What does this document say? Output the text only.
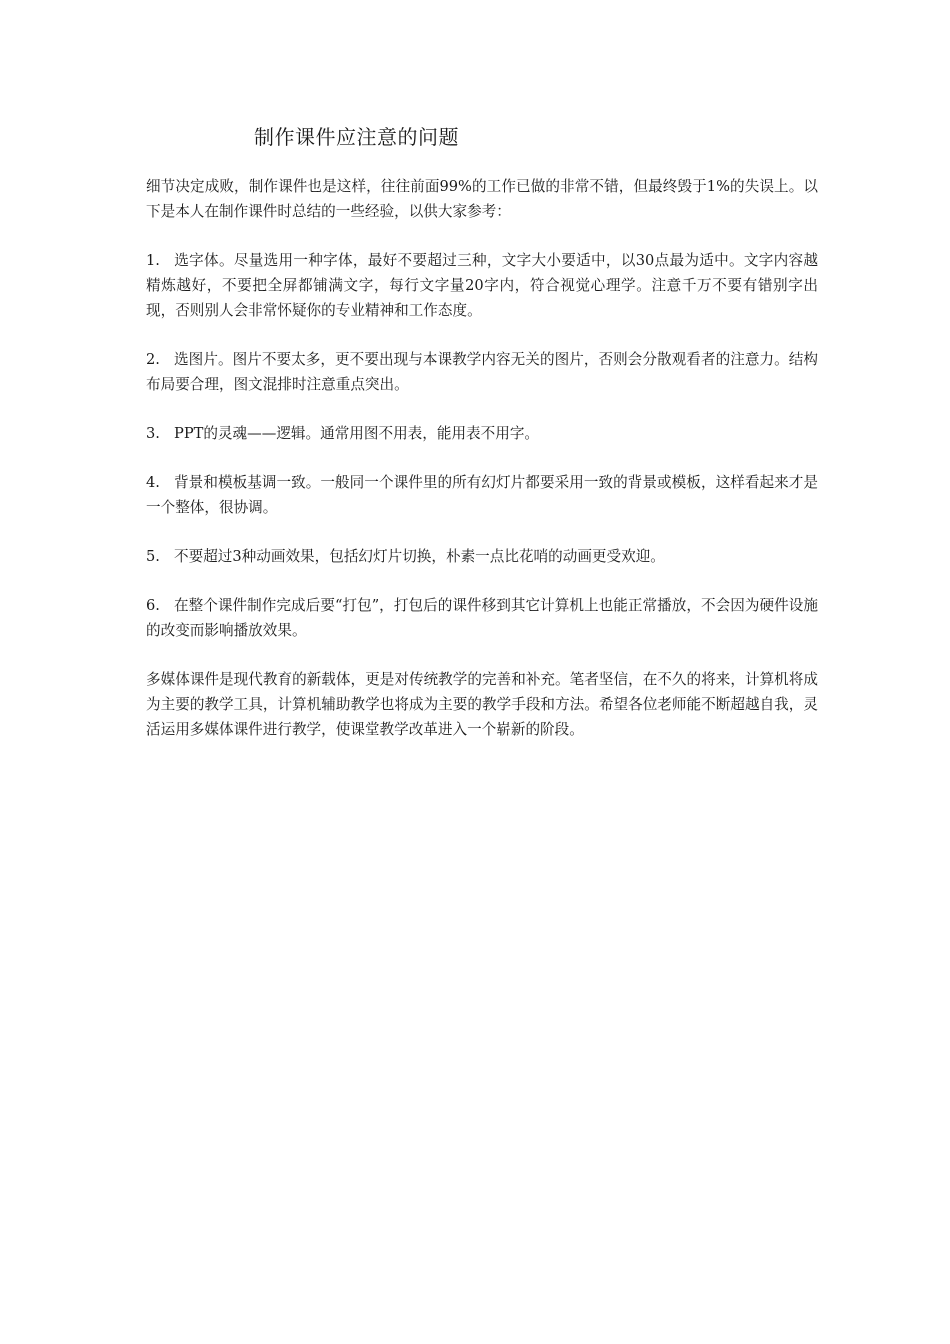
制作课件应注意的问题

细节决定成败，制作课件也是这样，往往前面99%的工作已做的非常不错，但最终毁于1%的失误上。以下是本人在制作课件时总结的一些经验，以供大家参考：

1. 选字体。尽量选用一种字体，最好不要超过三种，文字大小要适中，以30点最为适中。文字内容越精炼越好，不要把全屏都铺满文字，每行文字量20字内，符合视觉心理学。注意千万不要有错别字出现，否则别人会非常怀疑你的专业精神和工作态度。

2. 选图片。图片不要太多，更不要出现与本课教学内容无关的图片，否则会分散观看者的注意力。结构布局要合理，图文混排时注意重点突出。

3. PPT的灵魂——逻辑。通常用图不用表，能用表不用字。

4. 背景和模板基调一致。一般同一个课件里的所有幻灯片都要采用一致的背景或模板，这样看起来才是一个整体，很协调。

5. 不要超过3种动画效果，包括幻灯片切换，朴素一点比花哨的动画更受欢迎。

6. 在整个课件制作完成后要“打包”，打包后的课件移到其它计算机上也能正常播放，不会因为硬件设施的改变而影响播放效果。

多媒体课件是现代教育的新载体，更是对传统教学的完善和补充。笔者坚信，在不久的将来，计算机将成为主要的教学工具，计算机辅助教学也将成为主要的教学手段和方法。希望各位老师能不断超越自我，灵活运用多媒体课件进行教学，使课堂教学改革进入一个崭新的阶段。
